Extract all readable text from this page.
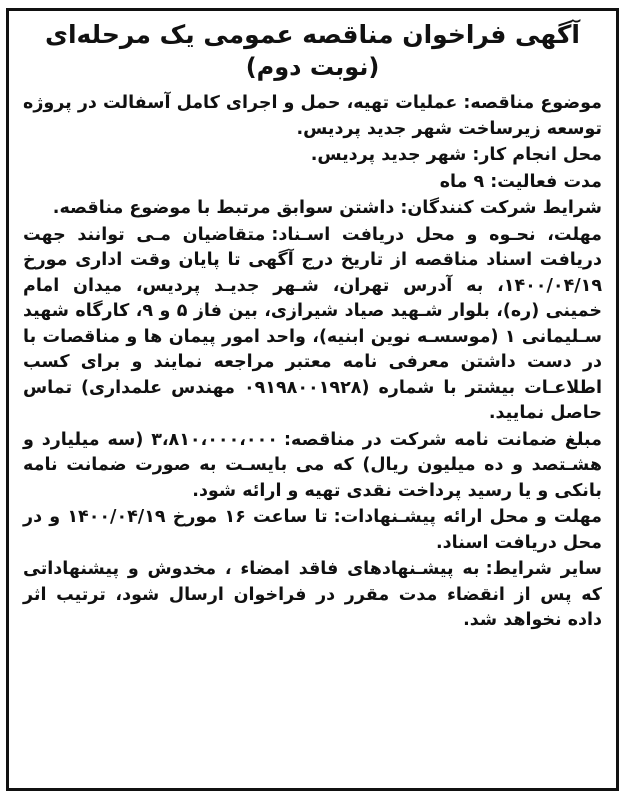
آگهی فراخوان مناقصه عمومی یک مرحله‌ای

(نوبت دوم)

موضوع مناقصه:عملیات تهیه، حمل و اجرای کامل آسفالت در پروژه توسعه زیرساخت شهر جدید پردیس.

محل انجام کار:شهر جدید پردیس.

مدت فعالیت:۹ ماه

شرایط شرکت کنندگان:داشتن سوابق مرتبط با موضوع مناقصه.

مهلت، نحـوه و محل دریافت اسـناد:متقاضیان مـی توانند جهت دریافت اسناد مناقصه از تاریخ درج آگهی تا پایان وقت اداری مورخ ۱۴۰۰/۰۴/۱۹، به آدرس تهران، شـهر جدیـد پردیس، میدان امام خمینی (ره)، بلوار شـهید صیاد شیرازی، بین فاز ۵ و ۹، کارگاه شهید سـلیمانی ۱ (موسسـه نوین ابنیه)، واحد امور پیمان ها و مناقصات با در دست داشتن معرفی نامه معتبر مراجعه نمایند و برای کسب اطلاعـات بیشتر با شماره (۰۹۱۹۸۰۰۱۹۲۸ مهندس علمداری) تماس حاصل نمایید.

مبلغ ضمانت نامه شرکت در مناقصه:۳،۸۱۰،۰۰۰،۰۰۰ (سه میلیارد و هشـتصد و ده میلیون ریال) که می بایسـت به صورت ضمانت نامه بانکی و یا رسید پرداخت نقدی تهیه و ارائه شود.

مهلت و محل ارائه پیشـنهادات:تا ساعت ۱۶ مورخ ۱۴۰۰/۰۴/۱۹ و در محل دریافت اسناد.

سایر شرایط:به پیشـنهادهای فاقد امضاء ، مخدوش و پیشنهاداتی که پس از انقضاء مدت مقرر در فراخوان ارسال شود، ترتیب اثر داده نخواهد شد.
